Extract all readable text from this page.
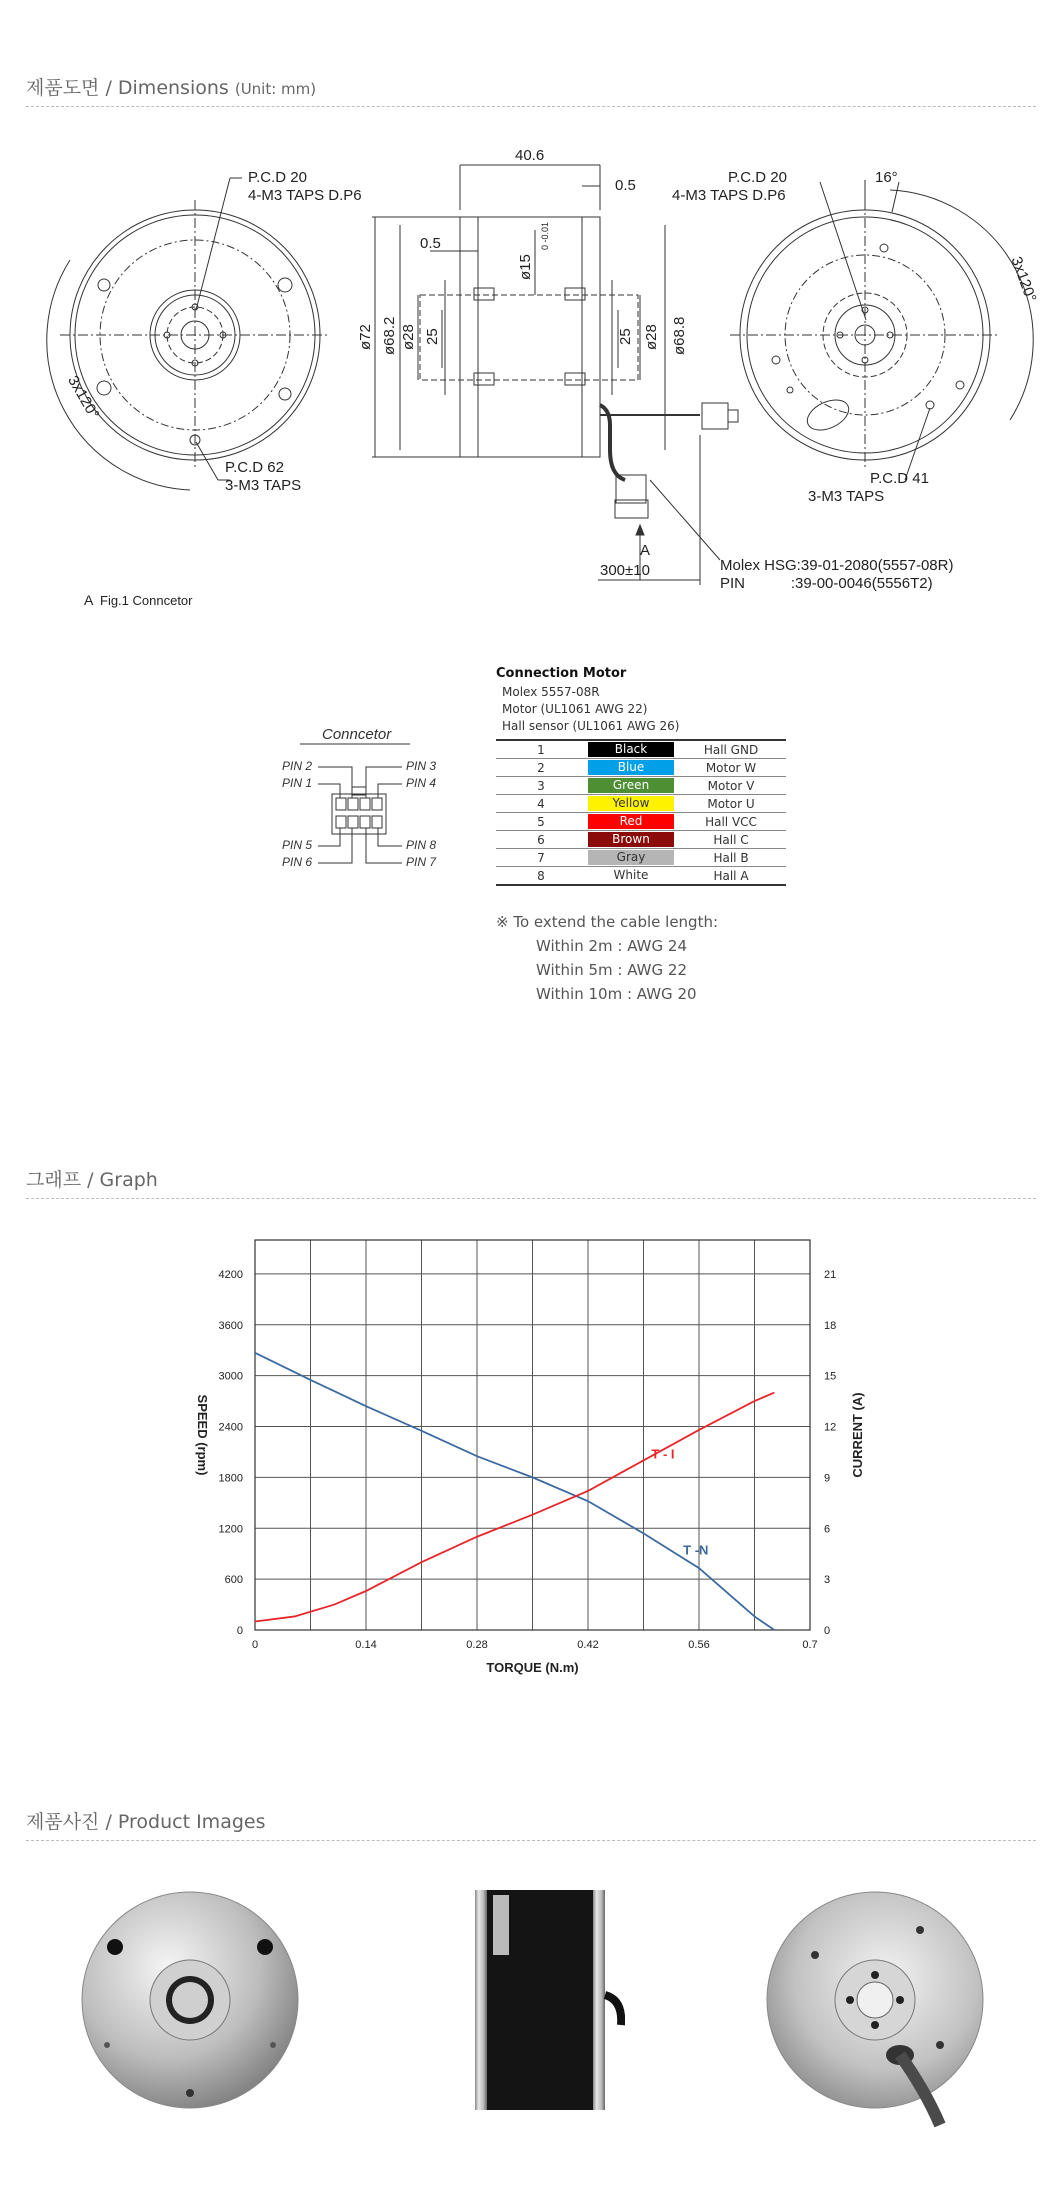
제품도면 / Dimensions (Unit: mm)
P.C.D 20
4-M3 TAPS D.P6
P.C.D 62
3-M3 TAPS
3x120°
40.6
0.5
0.5
ø15
0 -0.01
ø72 ø68.2 ø28 25	25 ø28 ø68.8
P.C.D 20
4-M3 TAPS D.P6
16°
3x120°
P.C.D 41
3-M3 TAPS
A
300±10	Molex HSG:39-01-2080(5557-08R)
PIN           :39-00-0046(5556T2)
A Fig.1 Conncetor
Conncetor
PIN 2
PIN 1
PIN 5
PIN 6
PIN 3
PIN 4
PIN 8
PIN 7
Connection Motor
Molex 5557-08R
Motor (UL1061 AWG 22)
Hall sensor (UL1061 AWG 26)
1	Black	Hall GND
2	Blue	Motor W
3	Green	Motor V
4	Yellow	Motor U
5	Red	Hall VCC
6	Brown	Hall C
7	Gray	Hall B
8	White	Hall A
※ To extend the cable length:
Within 2m : AWG 24
Within 5m : AWG 22
Within 10m : AWG 20
그래프 / Graph
0	0.14	0.28	0.42	0.56	0.7
0
600
1200
1800
2400
3000
3600
4200
0
3
6
9
12
15
18
21
TORQUE (N.m)
SPEED (rpm)	CURRENT (A)
T -N
T - I
제품사진 / Product Images
